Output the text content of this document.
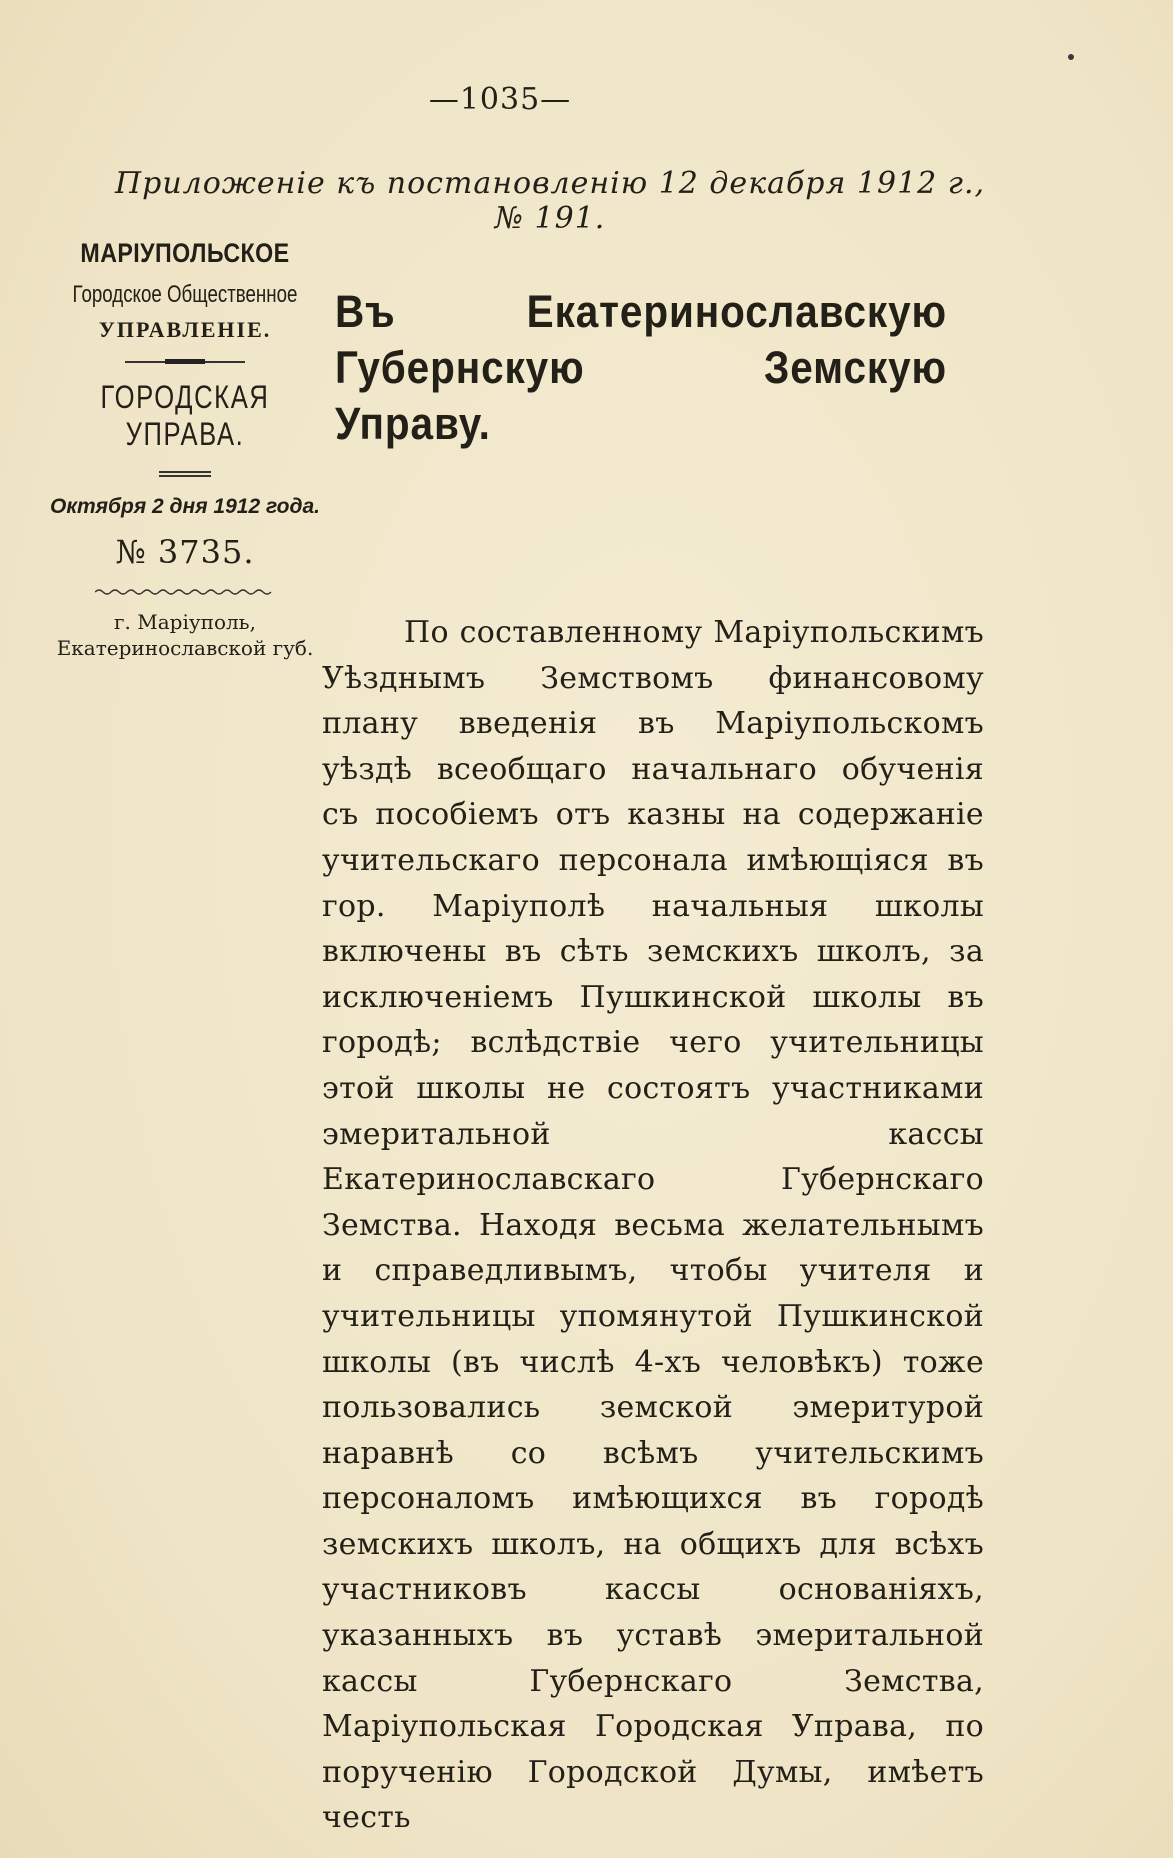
—1035—
Приложенiе къ постановленiю 12 декабря 1912 г., № 191.
МАРIУПОЛЬСКОЕ
Городское Общественное
УПРАВЛЕНIЕ.
ГОРОДСКАЯ УПРАВА.
Октября 2 дня 1912 года.
№ 3735.
г. Марiуполь,
Екатеринославской губ.
Въ Екатеринославскую Губернскую Земскую Управу.
По составленному Марiупольскимъ Уѣзднымъ Земствомъ финансовому плану введенiя въ Марiупольскомъ уѣздѣ всеобщаго начальнаго обученiя съ пособiемъ отъ казны на содержанiе учительскаго персонала имѣющiяся въ гор. Марiуполѣ начальныя школы включены въ сѣть земскихъ школъ, за исключенiемъ Пушкинской школы въ городѣ; вслѣдствiе чего учительницы этой школы не состоятъ участниками эмеритальной кассы Екатеринославскаго Губернскаго Земства. Находя весьма желательнымъ и справедливымъ, чтобы учителя и учительницы упомянутой Пушкинской школы (въ числѣ 4-хъ человѣкъ) тоже пользовались земской эмеритурой наравнѣ со всѣмъ учительскимъ персоналомъ имѣющихся въ городѣ земскихъ школъ, на общихъ для всѣхъ участниковъ кассы основанiяхъ, указанныхъ въ уставѣ эмеритальной кассы Губернскаго Земства, Марiупольская Городская Управа, по порученiю Городской Думы, имѣетъ честь
